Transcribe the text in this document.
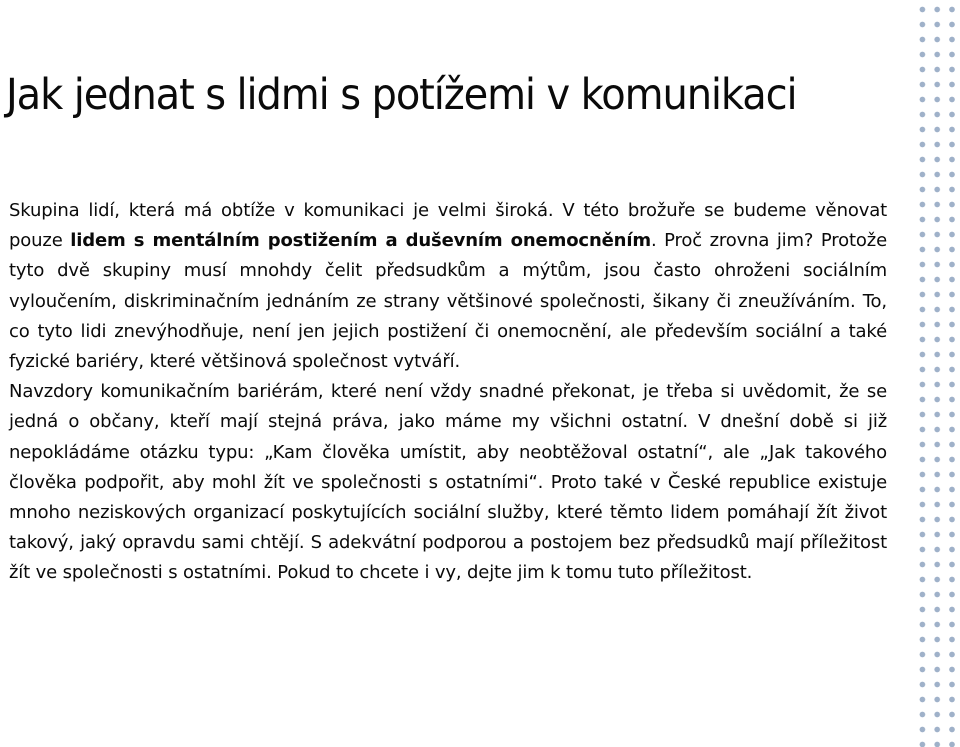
Jak jednat s lidmi s potížemi v komunikaci

Skupina lidí, která má obtíže v komunikaci je velmi široká. V této brožuře se budeme věnovat pouze lidem s mentálním postižením a duševním onemocněním. Proč zrovna jim? Protože tyto dvě skupiny musí mnohdy čelit předsudkům a mýtům, jsou často ohroženi sociálním vyloučením, diskriminačním jednáním ze strany většinové společnosti, šikany či zneužíváním. To, co tyto lidi znevýhodňuje, není jen jejich postižení či onemocnění, ale především sociální a také fyzické bariéry, které většinová společnost vytváří.

Navzdory komunikačním bariérám, které není vždy snadné překonat, je třeba si uvědomit, že se jedná o občany, kteří mají stejná práva, jako máme my všichni ostatní. V dnešní době si již nepokládáme otázku typu: „Kam člověka umístit, aby neobtěžoval ostatní“, ale „Jak takového člověka podpořit, aby mohl žít ve společnosti s ostatními“. Proto také v České republice existuje mnoho neziskových organizací poskytujících sociální služby, které těmto lidem pomáhají žít život takový, jaký opravdu sami chtějí. S adekvátní podporou a postojem bez předsudků mají příležitost žít ve společnosti s ostatními. Pokud to chcete i vy, dejte jim k tomu tuto příležitost.
